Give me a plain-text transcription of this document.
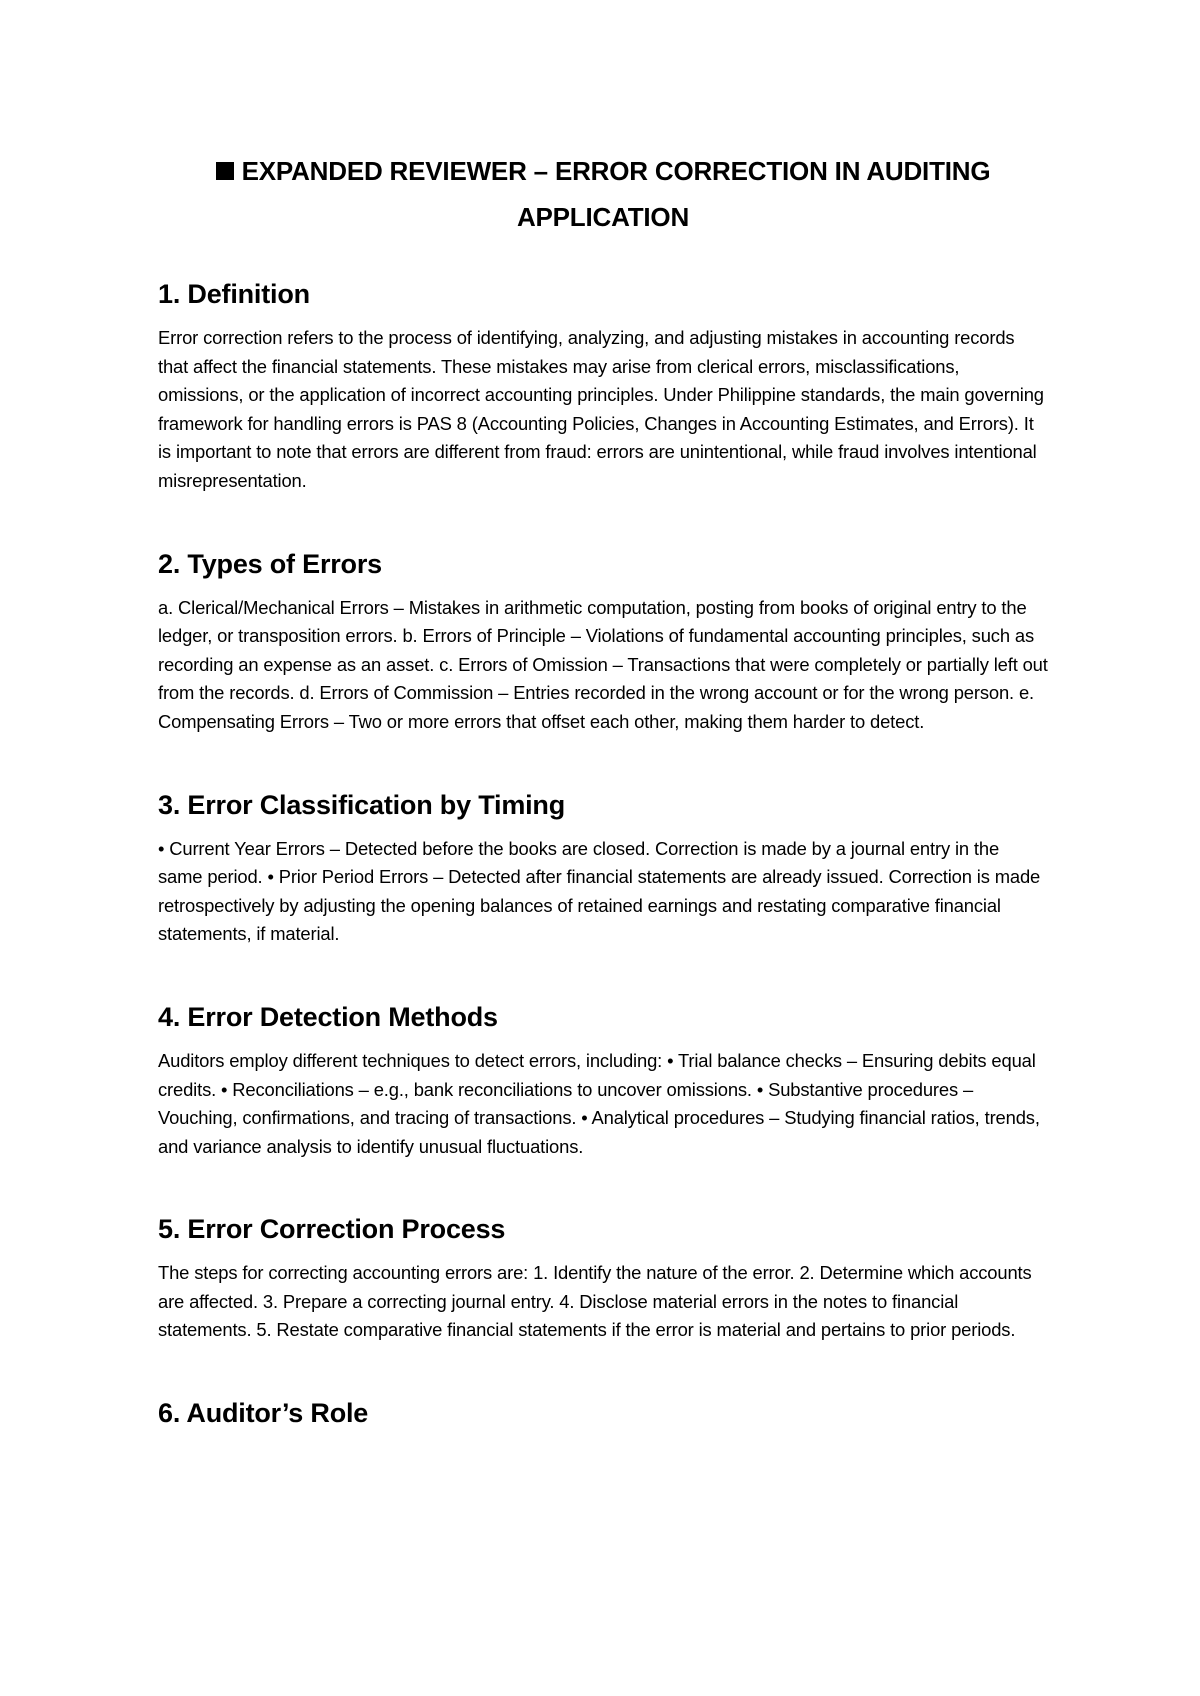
EXPANDED REVIEWER – ERROR CORRECTION IN AUDITING APPLICATION
1. Definition

Error correction refers to the process of identifying, analyzing, and adjusting mistakes in accounting records that affect the financial statements. These mistakes may arise from clerical errors, misclassifications, omissions, or the application of incorrect accounting principles. Under Philippine standards, the main governing framework for handling errors is PAS 8 (Accounting Policies, Changes in Accounting Estimates, and Errors). It is important to note that errors are different from fraud: errors are unintentional, while fraud involves intentional misrepresentation.

2. Types of Errors

a. Clerical/Mechanical Errors – Mistakes in arithmetic computation, posting from books of original entry to the ledger, or transposition errors. b. Errors of Principle – Violations of fundamental accounting principles, such as recording an expense as an asset. c. Errors of Omission – Transactions that were completely or partially left out from the records. d. Errors of Commission – Entries recorded in the wrong account or for the wrong person. e. Compensating Errors – Two or more errors that offset each other, making them harder to detect.

3. Error Classification by Timing

• Current Year Errors – Detected before the books are closed. Correction is made by a journal entry in the same period. • Prior Period Errors – Detected after financial statements are already issued. Correction is made retrospectively by adjusting the opening balances of retained earnings and restating comparative financial statements, if material.

4. Error Detection Methods

Auditors employ different techniques to detect errors, including: • Trial balance checks – Ensuring debits equal credits. • Reconciliations – e.g., bank reconciliations to uncover omissions. • Substantive procedures – Vouching, confirmations, and tracing of transactions. • Analytical procedures – Studying financial ratios, trends, and variance analysis to identify unusual fluctuations.

5. Error Correction Process

The steps for correcting accounting errors are: 1. Identify the nature of the error. 2. Determine which accounts are affected. 3. Prepare a correcting journal entry. 4. Disclose material errors in the notes to financial statements. 5. Restate comparative financial statements if the error is material and pertains to prior periods.

6. Auditor’s Role
